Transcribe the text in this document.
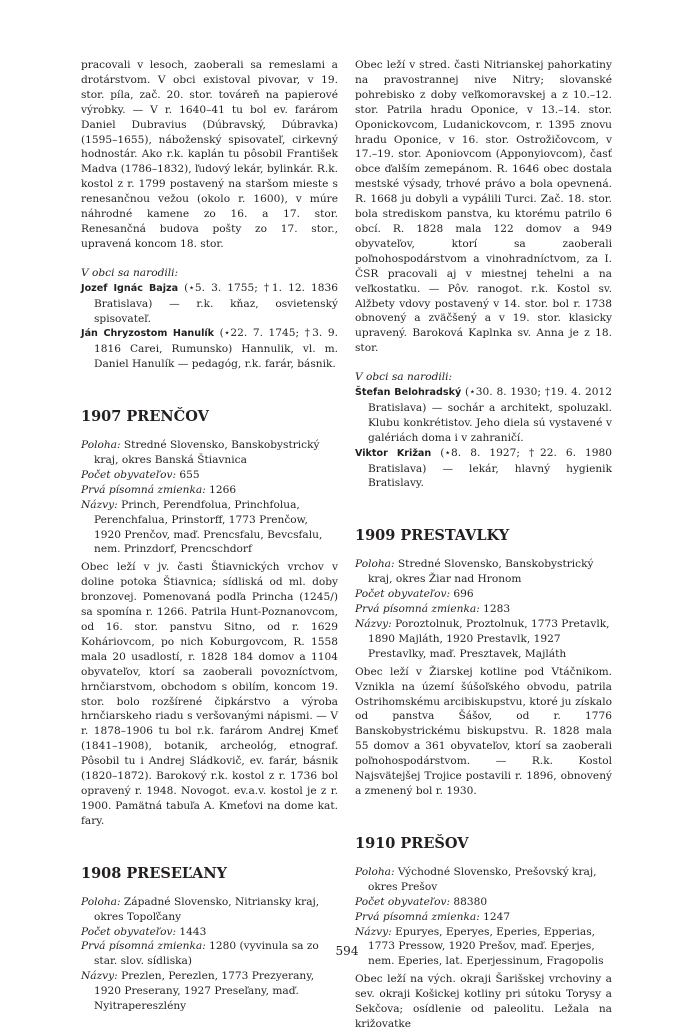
pracovali v lesoch, zaoberali sa remeslami a drotárstvom. V obci existoval pivovar, v 19. stor. píla, zač. 20. stor. továreň na papierové výrobky. — V r. 1640–41 tu bol ev. farárom Daniel Dubravius (Dúbravský, Dúbravka) (1595–1655), náboženský spisovateľ, cirkevný hodnostár. Ako r.k. kaplán tu pôsobil František Madva (1786–1832), ľudový lekár, bylinkár. R.k. kostol z r. 1799 postavený na staršom mieste s renesančnou vežou (okolo r. 1600), v múre náhrodné kamene zo 16. a 17. stor. Renesančná budova pošty zo 17. stor., upravená koncom 18. stor.

V obci sa narodili:

Jozef Ignác Bajza (⋆5. 3. 1755; †1. 12. 1836 Bratislava) — r.k. kňaz, osvietenský spisovateľ.

Ján Chryzostom Hanulík (⋆22. 7. 1745; †3. 9. 1816 Carei, Rumunsko) Hannulik, vl. m. Daniel Hanulík — pedagóg, r.k. farár, básnik.

1907 PRENČOV

Poloha: Stredné Slovensko, Banskobystrický kraj, okres Banská Štiavnica

Počet obyvateľov: 655

Prvá písomná zmienka: 1266

Názvy: Princh, Perendfolua, Princhfolua, Perenchfalua, Prinstorff, 1773 Prenčow, 1920 Prenčov, maď. Prencsfalu, Bevcsfalu, nem. Prinzdorf, Prencschdorf

Obec leží v jv. časti Štiavnických vrchov v doline potoka Štiavnica; sídliská od ml. doby bronzovej. Pomenovaná podľa Princha (1245/) sa spomína r. 1266. Patrila Hunt-Poznanovcom, od 16. stor. panstvu Sitno, od r. 1629 Koháriovcom, po nich Koburgovcom, R. 1558 mala 20 usadlostí, r. 1828 184 domov a 1104 obyvateľov, ktorí sa zaoberali povozníctvom, hrnčiarstvom, obchodom s obilím, koncom 19. stor. bolo rozšírené čipkárstvo a výroba hrnčiarskeho riadu s veršovanými nápismi. — V r. 1878–1906 tu bol r.k. farárom Andrej Kmeť (1841–1908), botanik, archeológ, etnograf. Pôsobil tu i Andrej Sládkovič, ev. farár, básnik (1820–1872). Barokový r.k. kostol z r. 1736 bol opravený r. 1948. Novogot. ev.a.v. kostol je z r. 1900. Pamätná tabuľa A. Kmeťovi na dome kat. fary.

1908 PRESEĽANY

Poloha: Západné Slovensko, Nitriansky kraj, okres Topoľčany

Počet obyvateľov: 1443

Prvá písomná zmienka: 1280 (vyvinula sa zo star. slov. sídliska)

Názvy: Prezlen, Perezlen, 1773 Prezyerany, 1920 Preserany, 1927 Preseľany, maď. Nyitrapereszlény

Obec leží v stred. časti Nitrianskej pahorkatiny na pravostrannej nive Nitry; slovanské pohrebisko z doby veľkomoravskej a z 10.–12. stor. Patrila hradu Oponice, v 13.–14. stor. Oponickovcom, Ludanickovcom, r. 1395 znovu hradu Oponice, v 16. stor. Ostrožičovcom, v 17.–19. stor. Aponiovcom (Apponyiovcom), časť obce ďalším zemepánom. R. 1646 obec dostala mestské výsady, trhové právo a bola opevnená. R. 1668 ju dobyli a vypálili Turci. Zač. 18. stor. bola strediskom panstva, ku ktorému patrilo 6 obcí. R. 1828 mala 122 domov a 949 obyvateľov, ktorí sa zaoberali poľnohospodárstvom a vinohradníctvom, za I. ČSR pracovali aj v miestnej tehelni a na veľkostatku. — Pôv. ranogot. r.k. Kostol sv. Alžbety vdovy postavený v 14. stor. bol r. 1738 obnovený a zväčšený a v 19. stor. klasicky upravený. Baroková Kaplnka sv. Anna je z 18. stor.

V obci sa narodili:

Štefan Belohradský (⋆30. 8. 1930; †19. 4. 2012 Bratislava) — sochár a architekt, spoluzakl. Klubu konkrétistov. Jeho diela sú vystavené v galériách doma i v zahraničí.

Viktor Križan (⋆8. 8. 1927; †22. 6. 1980 Bratislava) — lekár, hlavný hygienik Bratislavy.

1909 PRESTAVLKY

Poloha: Stredné Slovensko, Banskobystrický kraj, okres Žiar nad Hronom

Počet obyvateľov: 696

Prvá písomná zmienka: 1283

Názvy: Poroztolnuk, Proztolnuk, 1773 Pretavlk, 1890 Majláth, 1920 Prestavlk, 1927 Prestavlky, maď. Presztavek, Majláth

Obec leží v Žiarskej kotline pod Vtáčnikom. Vznikla na území šúšoľského obvodu, patrila Ostrihomskému arcibiskupstvu, ktoré ju získalo od panstva Šášov, od r. 1776 Banskobystrickému biskupstvu. R. 1828 mala 55 domov a 361 obyvateľov, ktorí sa zaoberali poľnohospodárstvom. — R.k. Kostol Najsvätejšej Trojice postavili r. 1896, obnovený a zmenený bol r. 1930.

1910 PREŠOV

Poloha: Východné Slovensko, Prešovský kraj, okres Prešov

Počet obyvateľov: 88380

Prvá písomná zmienka: 1247

Názvy: Epuryes, Eperyes, Eperies, Epperias, 1773 Pressow, 1920 Prešov, maď. Eperjes, nem. Eperies, lat. Eperjessinum, Fragopolis

Obec leží na vých. okraji Šarišskej vrchoviny a sev. okraji Košickej kotliny pri sútoku Torysy a Sekčova; osídlenie od paleolitu. Ležala na križovatke

594
